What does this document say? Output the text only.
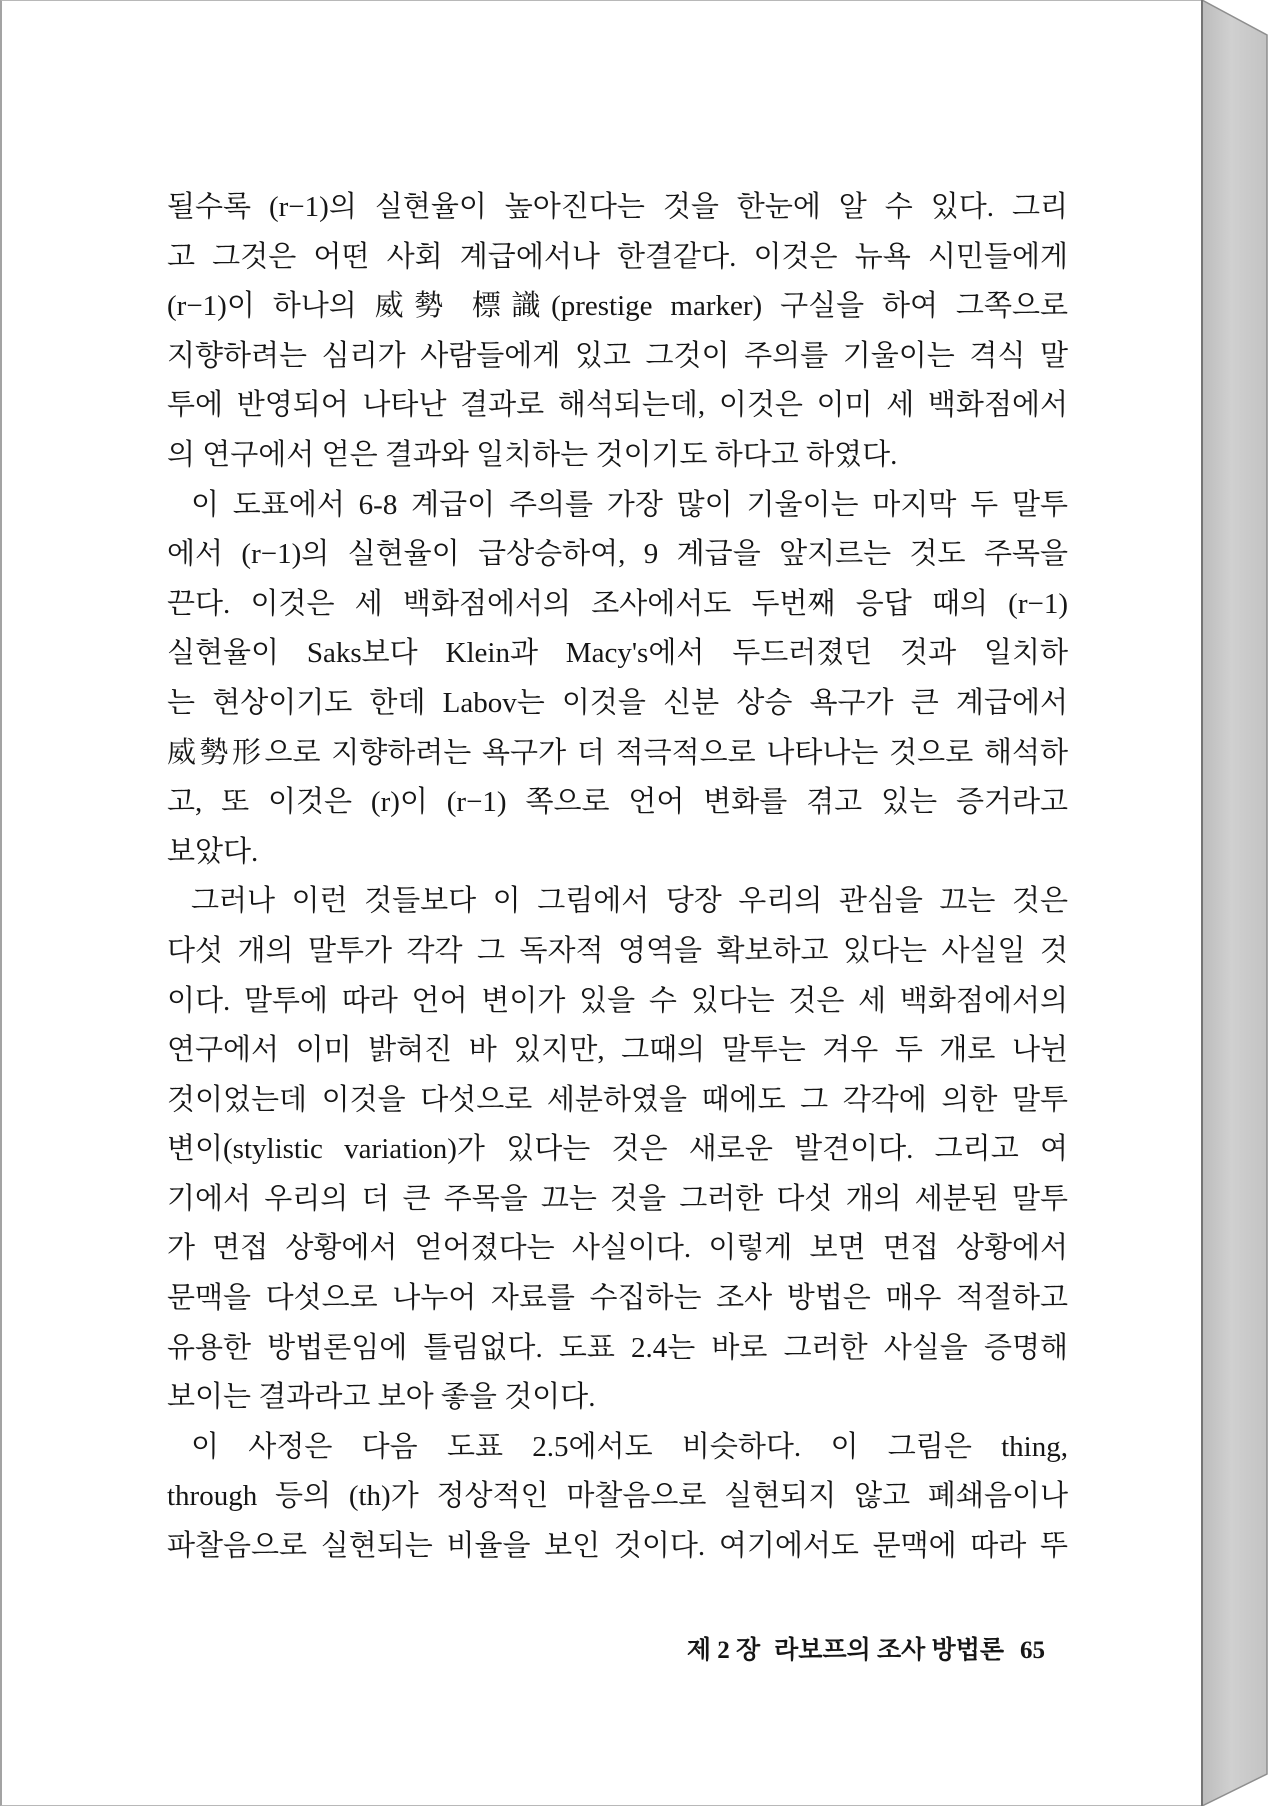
될수록 (r−1)의 실현율이 높아진다는 것을 한눈에 알 수 있다. 그리
고 그것은 어떤 사회 계급에서나 한결같다. 이것은 뉴욕 시민들에게
(r−1)이 하나의 威勢 標識(prestige marker) 구실을 하여 그쪽으로
지향하려는 심리가 사람들에게 있고 그것이 주의를 기울이는 격식 말
투에 반영되어 나타난 결과로 해석되는데, 이것은 이미 세 백화점에서
의 연구에서 얻은 결과와 일치하는 것이기도 하다고 하였다.
이 도표에서 6-8 계급이 주의를 가장 많이 기울이는 마지막 두 말투
에서 (r−1)의 실현율이 급상승하여, 9 계급을 앞지르는 것도 주목을
끈다. 이것은 세 백화점에서의 조사에서도 두번째 응답 때의 (r−1)
실현율이 Saks보다 Klein과 Macy's에서 두드러졌던 것과 일치하
는 현상이기도 한데 Labov는 이것을 신분 상승 욕구가 큰 계급에서
威勢形으로 지향하려는 욕구가 더 적극적으로 나타나는 것으로 해석하
고, 또 이것은 (r)이 (r−1) 쪽으로 언어 변화를 겪고 있는 증거라고
보았다.
그러나 이런 것들보다 이 그림에서 당장 우리의 관심을 끄는 것은
다섯 개의 말투가 각각 그 독자적 영역을 확보하고 있다는 사실일 것
이다. 말투에 따라 언어 변이가 있을 수 있다는 것은 세 백화점에서의
연구에서 이미 밝혀진 바 있지만, 그때의 말투는 겨우 두 개로 나뉜
것이었는데 이것을 다섯으로 세분하였을 때에도 그 각각에 의한 말투
변이(stylistic variation)가 있다는 것은 새로운 발견이다. 그리고 여
기에서 우리의 더 큰 주목을 끄는 것을 그러한 다섯 개의 세분된 말투
가 면접 상황에서 얻어졌다는 사실이다. 이렇게 보면 면접 상황에서
문맥을 다섯으로 나누어 자료를 수집하는 조사 방법은 매우 적절하고
유용한 방법론임에 틀림없다. 도표 2.4는 바로 그러한 사실을 증명해
보이는 결과라고 보아 좋을 것이다.
이 사정은 다음 도표 2.5에서도 비슷하다. 이 그림은 thing,
through 등의 (th)가 정상적인 마찰음으로 실현되지 않고 폐쇄음이나
파찰음으로 실현되는 비율을 보인 것이다. 여기에서도 문맥에 따라 뚜
제 2 장 라보프의 조사 방법론 65
